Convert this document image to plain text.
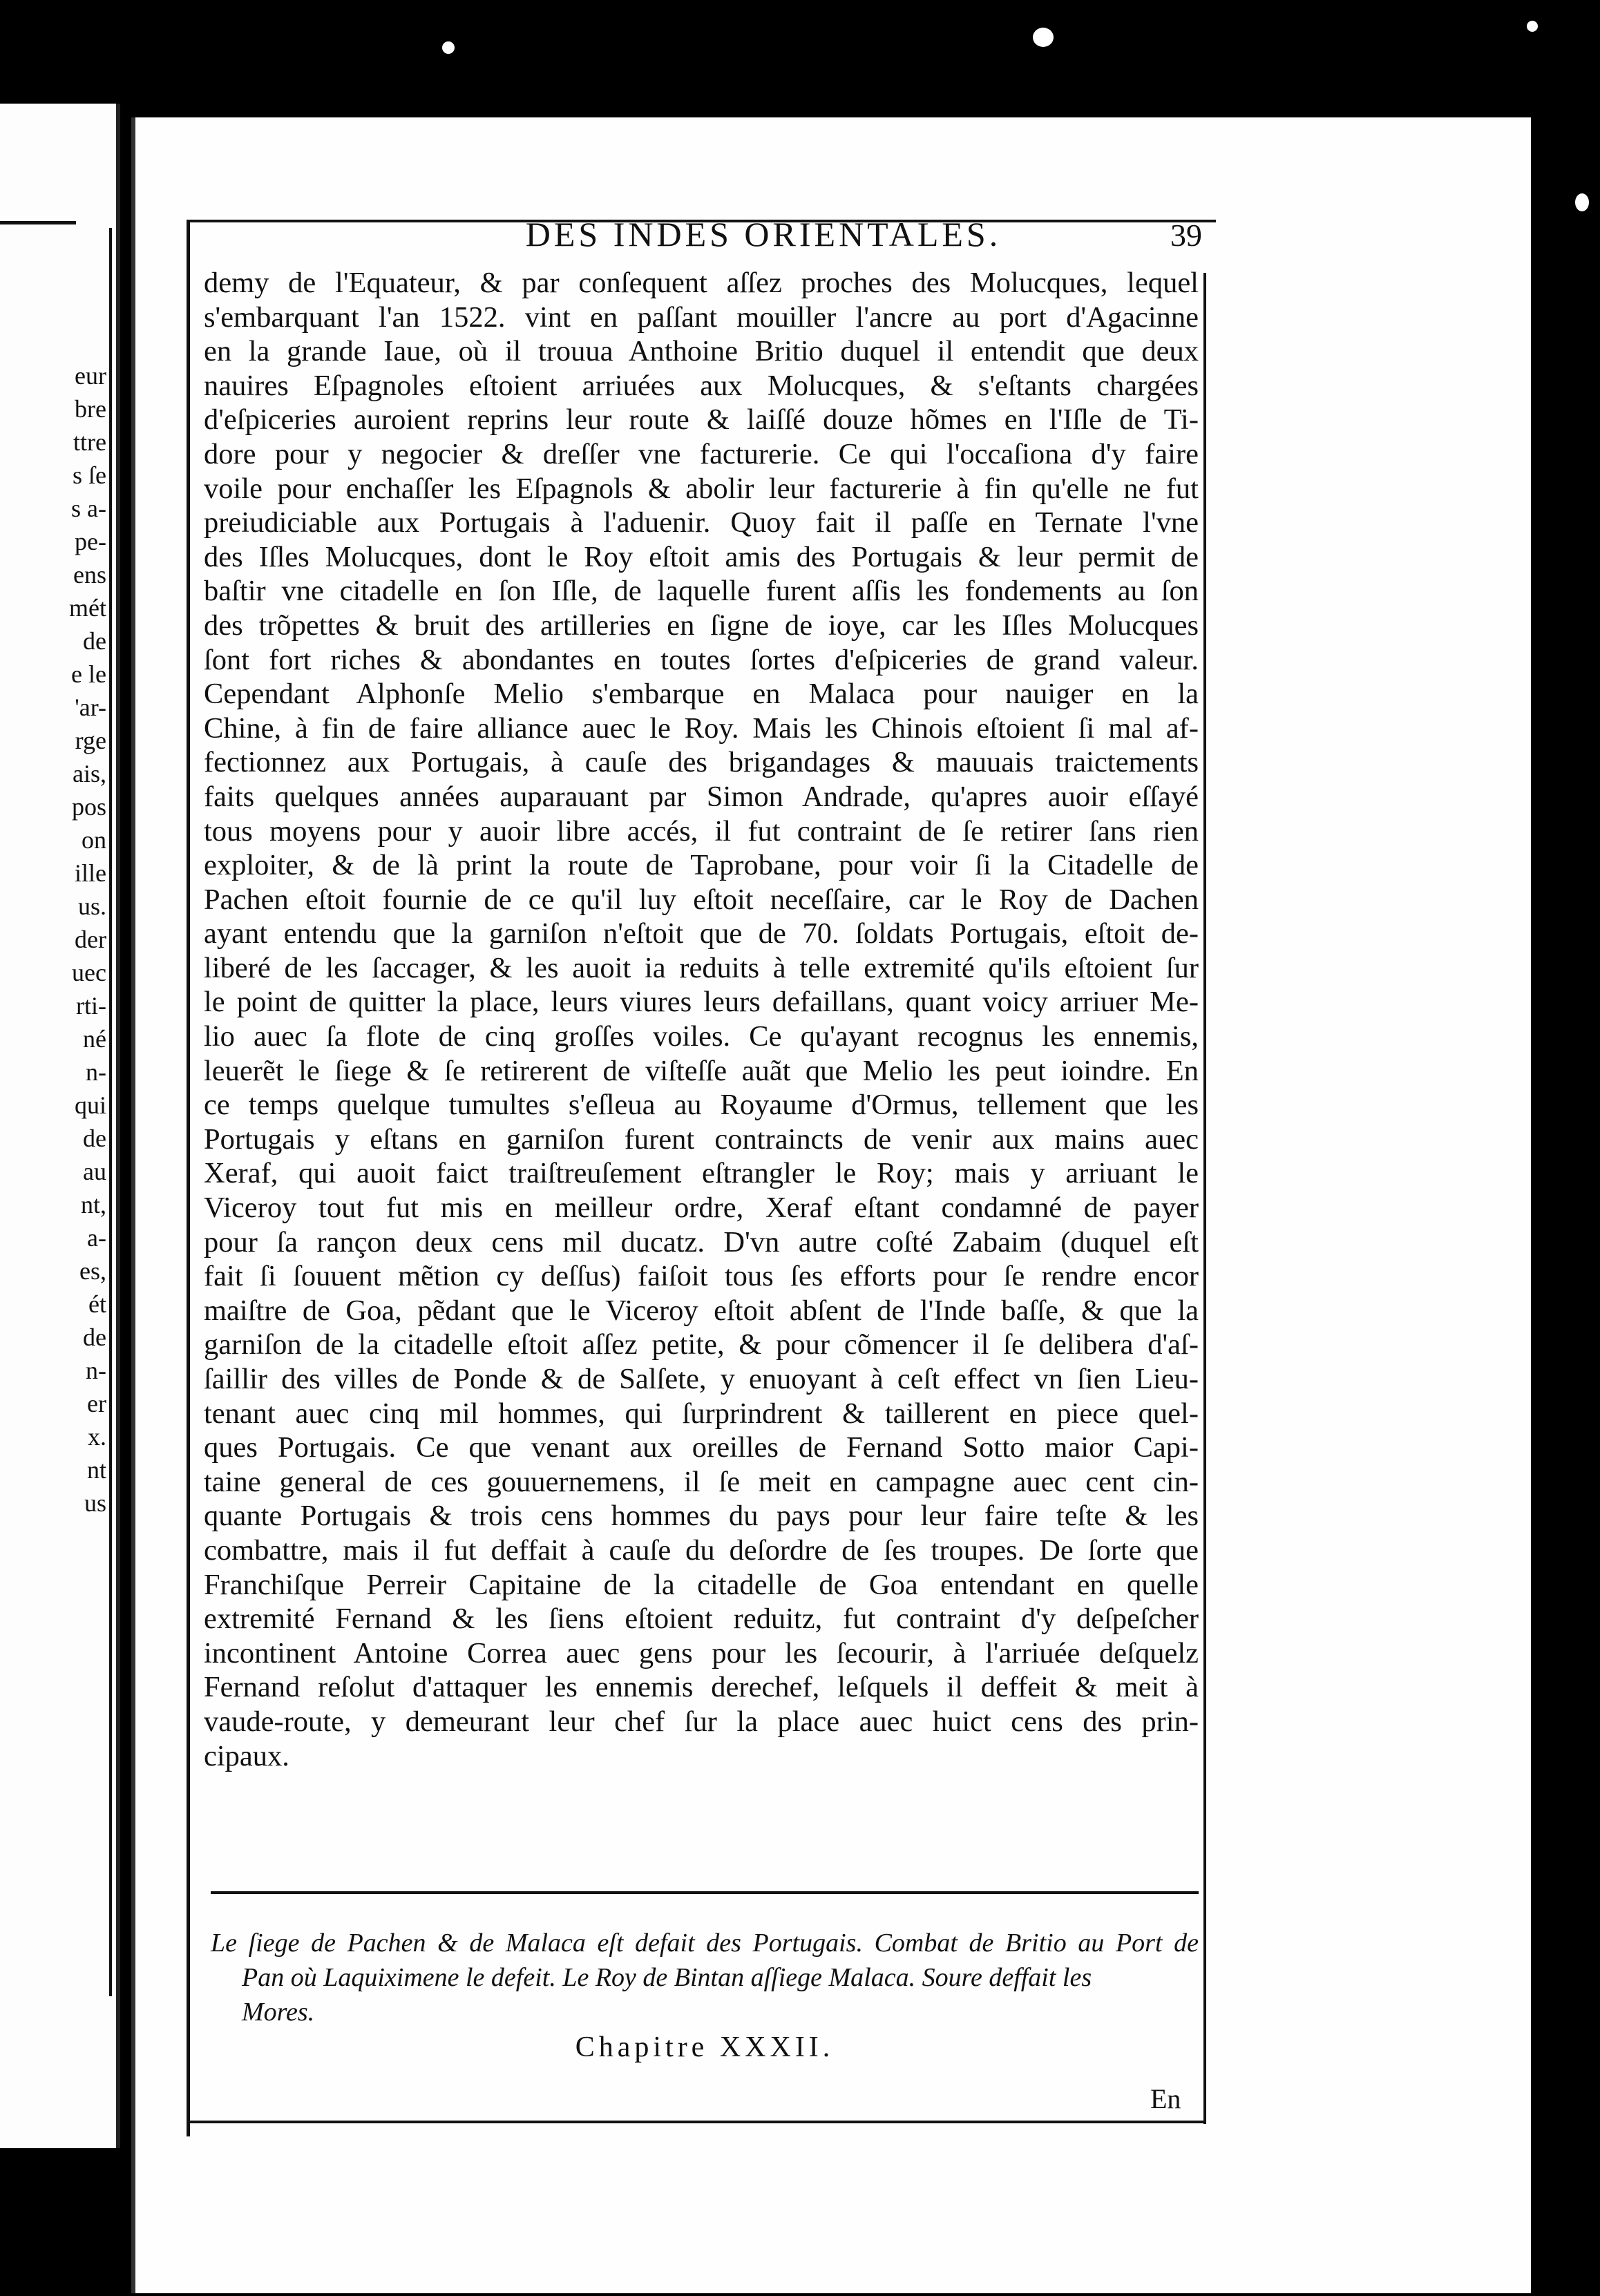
eur
bre
ttre
s ſe
s a-
pe-
ens
mét
de
e le
'ar-
rge
ais,
pos
on
ille
us.
der
uec
rti-
né
n-
qui
de
au
nt,
a-
es,
ét
de
n-
er
x.
nt
us
DES INDES ORIENTALES.	39
demy de l'Equateur, & par conſequent aſſez proches des Molucques, lequel
s'embarquant l'an 1522. vint en paſſant mouiller l'ancre au port d'Agacinne
en la grande Iaue, où il trouua Anthoine Britio duquel il entendit que deux
nauires Eſpagnoles eſtoient arriuées aux Molucques, & s'eſtants chargées
d'eſpiceries auroient reprins leur route & laiſſé douze hõmes en l'Iſle de Ti-
dore pour y negocier & dreſſer vne facturerie. Ce qui l'occaſiona d'y faire
voile pour enchaſſer les Eſpagnols & abolir leur facturerie à fin qu'elle ne fut
preiudiciable aux Portugais à l'aduenir. Quoy fait il paſſe en Ternate l'vne
des Iſles Molucques, dont le Roy eſtoit amis des Portugais & leur permit de
baſtir vne citadelle en ſon Iſle, de laquelle furent aſſis les fondements au ſon
des trõpettes & bruit des artilleries en ſigne de ioye, car les Iſles Molucques
ſont fort riches & abondantes en toutes ſortes d'eſpiceries de grand valeur.
Cependant Alphonſe Melio s'embarque en Malaca pour nauiger en la
Chine, à fin de faire alliance auec le Roy. Mais les Chinois eſtoient ſi mal af-
fectionnez aux Portugais, à cauſe des brigandages & mauuais traictements
faits quelques années auparauant par Simon Andrade, qu'apres auoir eſſayé
tous moyens pour y auoir libre accés, il fut contraint de ſe retirer ſans rien
exploiter, & de là print la route de Taprobane, pour voir ſi la Citadelle de
Pachen eſtoit fournie de ce qu'il luy eſtoit neceſſaire, car le Roy de Dachen
ayant entendu que la garniſon n'eſtoit que de 70. ſoldats Portugais, eſtoit de-
liberé de les ſaccager, & les auoit ia reduits à telle extremité qu'ils eſtoient ſur
le point de quitter la place, leurs viures leurs defaillans, quant voicy arriuer Me-
lio auec ſa flote de cinq groſſes voiles. Ce qu'ayant recognus les ennemis,
leuerẽt le ſiege & ſe retirerent de viſteſſe auãt que Melio les peut ioindre. En
ce temps quelque tumultes s'eſleua au Royaume d'Ormus, tellement que les
Portugais y eſtans en garniſon furent contraincts de venir aux mains auec
Xeraf, qui auoit faict traiſtreuſement eſtrangler le Roy; mais y arriuant le
Viceroy tout fut mis en meilleur ordre, Xeraf eſtant condamné de payer
pour ſa rançon deux cens mil ducatz. D'vn autre coſté Zabaim (duquel eſt
fait ſi ſouuent mẽtion cy deſſus) faiſoit tous ſes efforts pour ſe rendre encor
maiſtre de Goa, pẽdant que le Viceroy eſtoit abſent de l'Inde baſſe, & que la
garniſon de la citadelle eſtoit aſſez petite, & pour cõmencer il ſe delibera d'aſ-
ſaillir des villes de Ponde & de Salſete, y enuoyant à ceſt effect vn ſien Lieu-
tenant auec cinq mil hommes, qui ſurprindrent & taillerent en piece quel-
ques Portugais. Ce que venant aux oreilles de Fernand Sotto maior Capi-
taine general de ces gouuernemens, il ſe meit en campagne auec cent cin-
quante Portugais & trois cens hommes du pays pour leur faire teſte & les
combattre, mais il fut deffait à cauſe du deſordre de ſes troupes. De ſorte que
Franchiſque Perreir Capitaine de la citadelle de Goa entendant en quelle
extremité Fernand & les ſiens eſtoient reduitz, fut contraint d'y deſpeſcher
incontinent Antoine Correa auec gens pour les ſecourir, à l'arriuée deſquelz
Fernand reſolut d'attaquer les ennemis derechef, leſquels il deffeit & meit à
vaude-route, y demeurant leur chef ſur la place auec huict cens des prin-
cipaux.
Le ſiege de Pachen & de Malaca eſt defait des Portugais. Combat de Britio au Port de
Pan où Laquiximene le defeit. Le Roy de Bintan aſſiege Malaca. Soure deffait les
Mores.
Chapitre XXXII.
En
